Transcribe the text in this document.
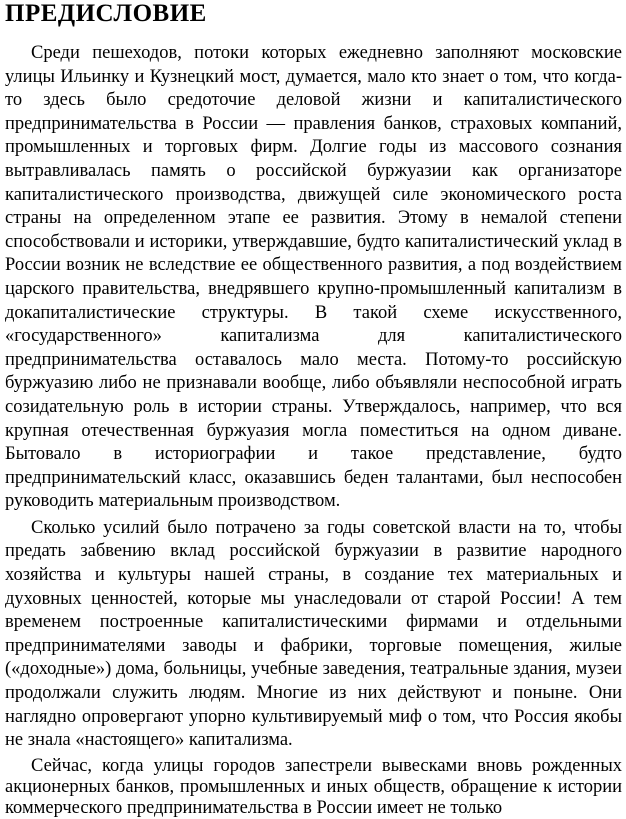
ПРЕДИСЛОВИЕ

Среди пешеходов, потоки которых ежедневно заполняют московские улицы Ильинку и Кузнецкий мост, думается, мало кто знает о том, что когда-то здесь было средоточие деловой жизни и капиталистического предпринимательства в России — правления банков, страховых компаний, промышленных и торговых фирм. Долгие годы из массового сознания вытравливалась память о российской буржуазии как организаторе капиталистического производства, движущей силе экономического роста страны на определенном этапе ее развития. Этому в немалой степени способствовали и историки, утверждавшие, будто капиталистический уклад в России возник не вследствие ее общественного развития, а под воздействием царского правительства, внедрявшего крупно-промышленный капитализм в докапиталистические структуры. В такой схеме искусственного, «государственного» капитализма для капиталистического предпринимательства оставалось мало места. Потому-то российскую буржуазию либо не признавали вообще, либо объявляли неспособной играть созидательную роль в истории страны. Утверждалось, например, что вся крупная отечественная буржуазия могла поместиться на одном диване. Бытовало в историографии и такое представление, будто предпринимательский класс, оказавшись беден талантами, был неспособен руководить материальным производством.

Сколько усилий было потрачено за годы советской власти на то, чтобы предать забвению вклад российской буржуазии в развитие народного хозяйства и культуры нашей страны, в создание тех материальных и духовных ценностей, которые мы унаследовали от старой России! А тем временем построенные капиталистическими фирмами и отдельными предпринимателями заводы и фабрики, торговые помещения, жилые («доходные») дома, больницы, учебные заведения, театральные здания, музеи продолжали служить людям. Многие из них действуют и поныне. Они наглядно опровергают упорно культивируемый миф о том, что Россия якобы не знала «настоящего» капитализма.

Сейчас, когда улицы городов запестрели вывесками вновь рожденных акционерных банков, промышленных и иных обществ, обращение к истории коммерческого предпринимательства в России имеет не только
